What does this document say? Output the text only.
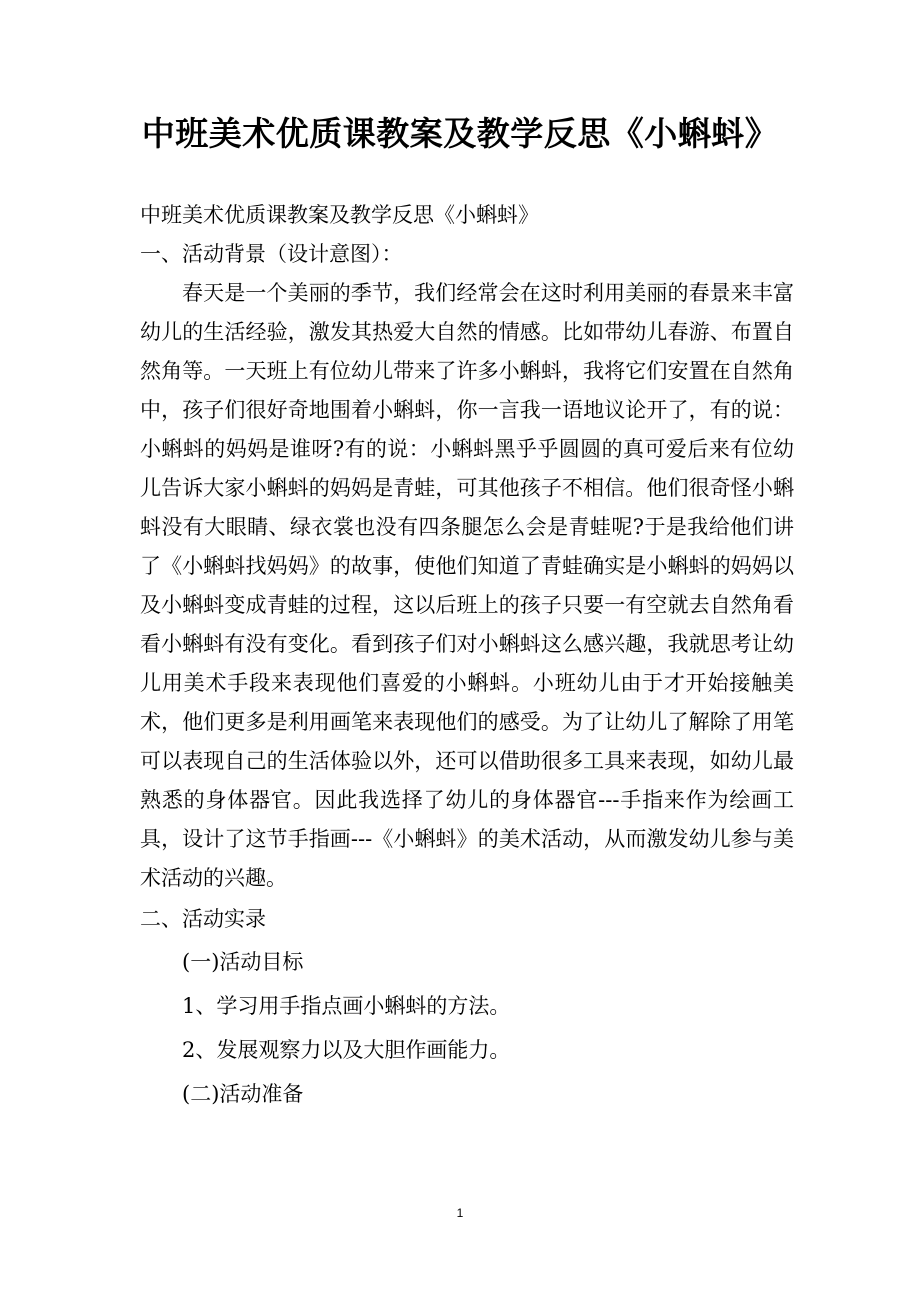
中班美术优质课教案及教学反思《小蝌蚪》

中班美术优质课教案及教学反思《小蝌蚪》

一、活动背景（设计意图）：

春天是一个美丽的季节，我们经常会在这时利用美丽的春景来丰富幼儿的生活经验，激发其热爱大自然的情感。比如带幼儿春游、布置自然角等。一天班上有位幼儿带来了许多小蝌蚪，我将它们安置在自然角中，孩子们很好奇地围着小蝌蚪，你一言我一语地议论开了，有的说：小蝌蚪的妈妈是谁呀?有的说：小蝌蚪黑乎乎圆圆的真可爱后来有位幼儿告诉大家小蝌蚪的妈妈是青蛙，可其他孩子不相信。他们很奇怪小蝌蚪没有大眼睛、绿衣裳也没有四条腿怎么会是青蛙呢?于是我给他们讲了《小蝌蚪找妈妈》的故事，使他们知道了青蛙确实是小蝌蚪的妈妈以及小蝌蚪变成青蛙的过程，这以后班上的孩子只要一有空就去自然角看看小蝌蚪有没有变化。看到孩子们对小蝌蚪这么感兴趣，我就思考让幼儿用美术手段来表现他们喜爱的小蝌蚪。小班幼儿由于才开始接触美术，他们更多是利用画笔来表现他们的感受。为了让幼儿了解除了用笔可以表现自己的生活体验以外，还可以借助很多工具来表现，如幼儿最熟悉的身体器官。因此我选择了幼儿的身体器官---手指来作为绘画工具，设计了这节手指画---《小蝌蚪》的美术活动，从而激发幼儿参与美术活动的兴趣。

二、活动实录

(一)活动目标

1、学习用手指点画小蝌蚪的方法。

2、发展观察力以及大胆作画能力。

(二)活动准备

1
